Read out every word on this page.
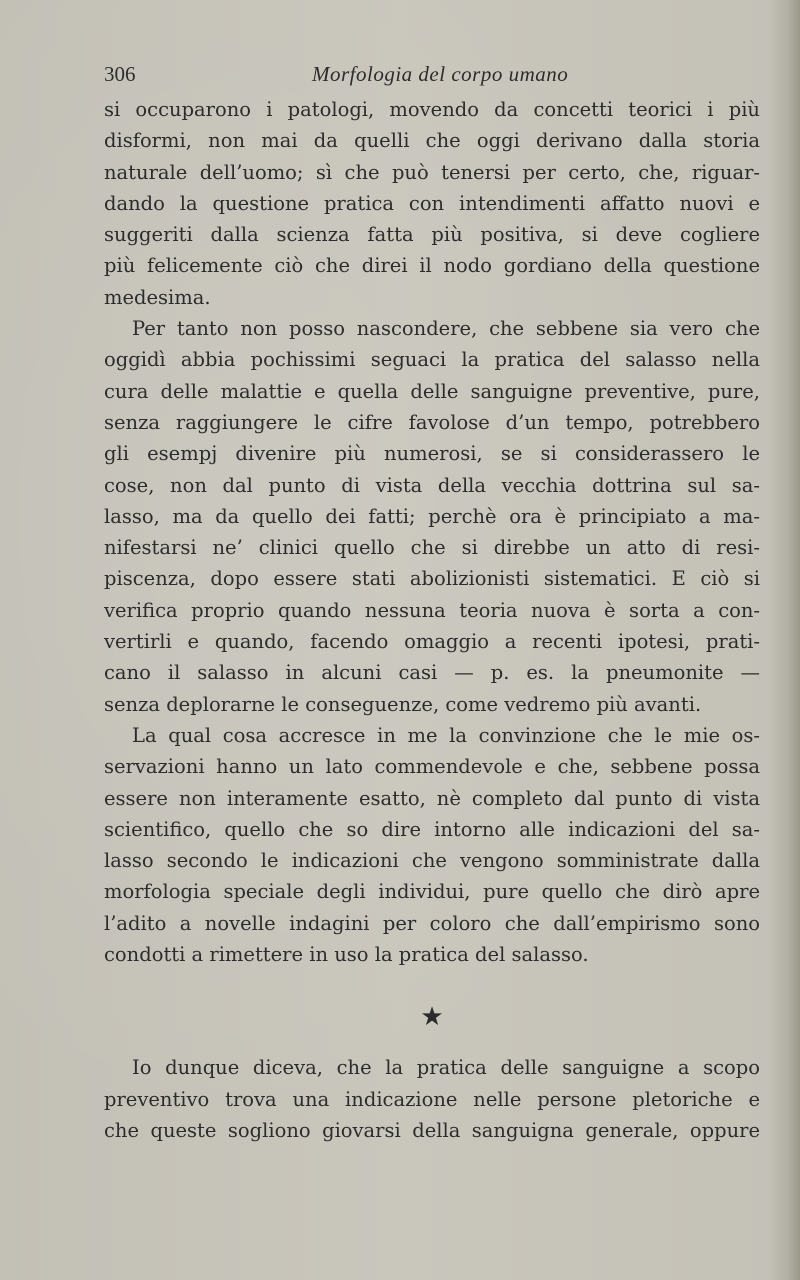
306	Morfologia del corpo umano

si occuparono i patologi, movendo da concetti teorici i più
disformi, non mai da quelli che oggi derivano dalla storia
naturale dell’uomo; sì che può tenersi per certo, che, riguar-
dando la questione pratica con intendimenti affatto nuovi e
suggeriti dalla scienza fatta più positiva, si deve cogliere
più felicemente ciò che direi il nodo gordiano della questione
medesima.

Per tanto non posso nascondere, che sebbene sia vero che
oggidì abbia pochissimi seguaci la pratica del salasso nella
cura delle malattie e quella delle sanguigne preventive, pure,
senza raggiungere le cifre favolose d’un tempo, potrebbero
gli esempj divenire più numerosi, se si considerassero le
cose, non dal punto di vista della vecchia dottrina sul sa-
lasso, ma da quello dei fatti; perchè ora è principiato a ma-
nifestarsi ne’ clinici quello che si direbbe un atto di resi-
piscenza, dopo essere stati abolizionisti sistematici. E ciò si
verifica proprio quando nessuna teoria nuova è sorta a con-
vertirli e quando, facendo omaggio a recenti ipotesi, prati-
cano il salasso in alcuni casi — p. es. la pneumonite —
senza deplorarne le conseguenze, come vedremo più avanti.

La qual cosa accresce in me la convinzione che le mie os-
servazioni hanno un lato commendevole e che, sebbene possa
essere non interamente esatto, nè completo dal punto di vista
scientifico, quello che so dire intorno alle indicazioni del sa-
lasso secondo le indicazioni che vengono somministrate dalla
morfologia speciale degli individui, pure quello che dirò apre
l’adito a novelle indagini per coloro che dall’empirismo sono
condotti a rimettere in uso la pratica del salasso.

★

Io dunque diceva, che la pratica delle sanguigne a scopo
preventivo trova una indicazione nelle persone pletoriche e
che queste sogliono giovarsi della sanguigna generale, oppure
